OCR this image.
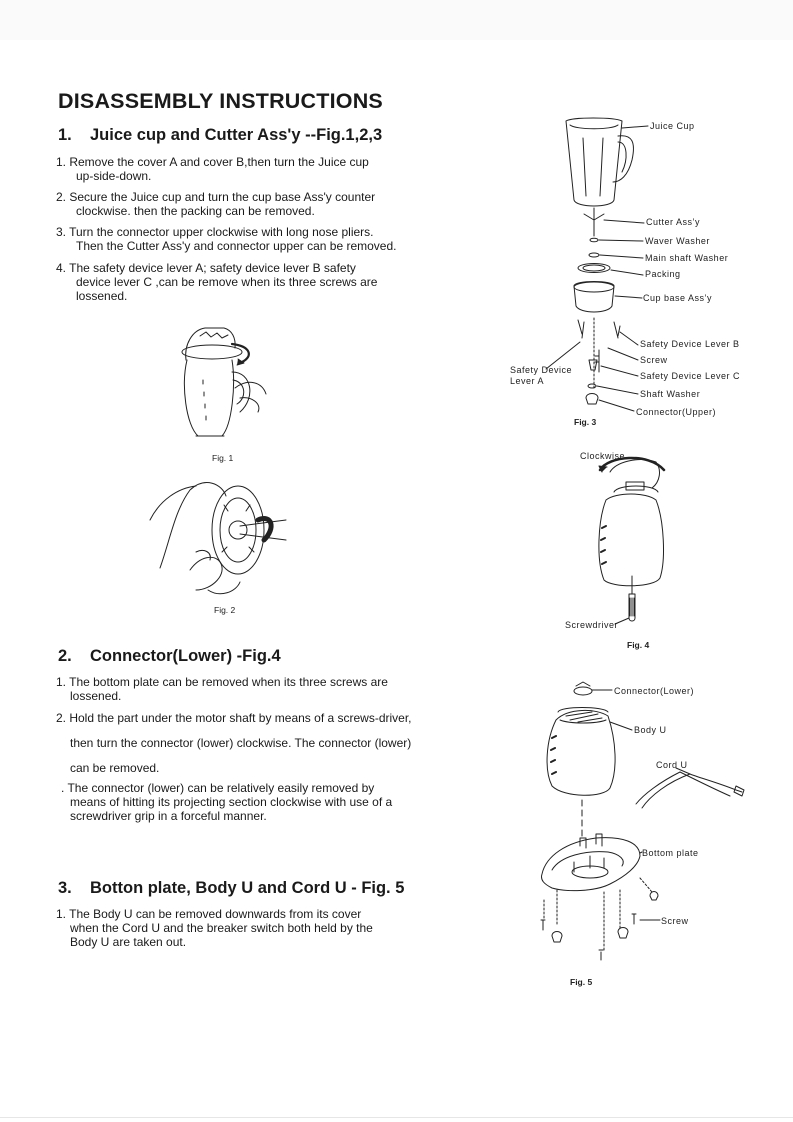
DISASSEMBLY INSTRUCTIONS
1. Juice cup and Cutter Ass'y --Fig.1,2,3

1. Remove the cover A and cover B,then turn the Juice cup

up-side-down.

2. Secure the Juice cup and turn the cup base Ass'y counter

clockwise. then the packing can be removed.

3. Turn the connector upper clockwise with long nose pliers.

Then the Cutter Ass'y and connector upper can be removed.

4. The safety device lever A; safety device lever B safety

device lever C ,can be remove when its three screws are

lossened.

2. Connector(Lower) -Fig.4

1. The bottom plate can be removed when its three screws are

lossened.

2. Hold the part under the motor shaft by means of a screws-driver,

then turn the connector (lower) clockwise. The connector (lower)

can be removed.

. The connector (lower) can be relatively easily removed by

means of hitting its projecting section clockwise with use of a

screwdriver grip in a forceful manner.

3. Botton plate, Body U and Cord U - Fig. 5

1. The Body U can be removed downwards from its cover

when the Cord U and the breaker switch both held by the

Body U are taken out.

Fig. 1
Fig. 2
Juice Cup
Cutter Ass’y
Waver Washer
Main shaft Washer
Packing
Cup base Ass’y
Safety Device Lever B
Screw
Safety Device Lever C
Safety Device
Lever A
Shaft Washer
Connector(Upper)
Fig. 3
Clockwise
Screwdriver
Fig. 4
Connector(Lower)
Body U
Cord U
Bottom plate
Screw
Fig. 5
